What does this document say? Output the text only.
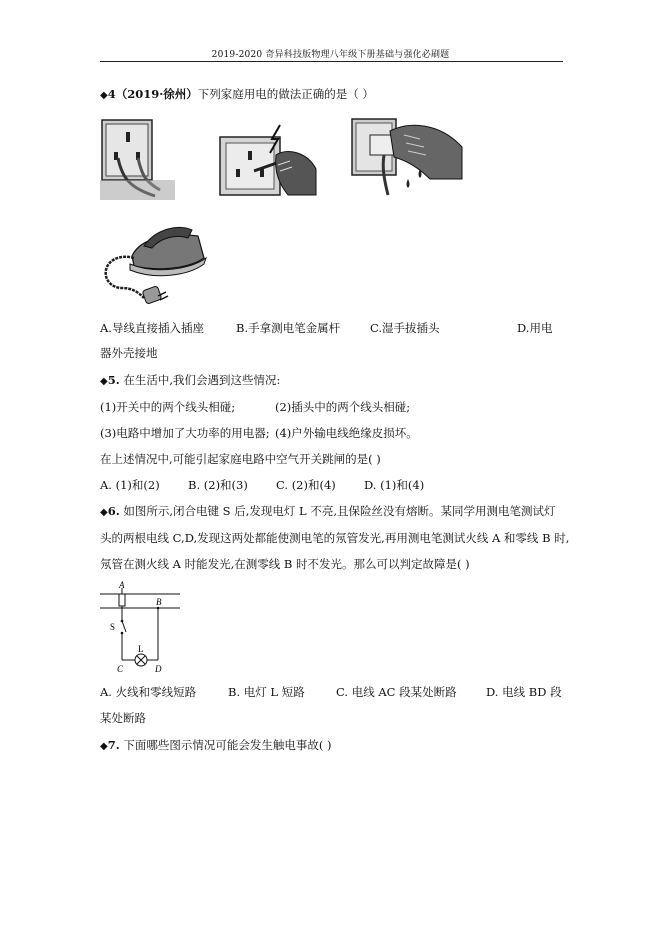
2019-2020 奇异科技版物理八年级下册基础与强化必刷题
◆4（2019·徐州）下列家庭用电的做法正确的是（ ）
A.导线直接插入插座	B.手拿测电笔金属杆	C.湿手拔插头	D.用电
器外壳接地
◆5. 在生活中,我们会遇到这些情况:
(1)开关中的两个线头相碰;	(2)插头中的两个线头相碰;
(3)电路中增加了大功率的用电器; (4)户外输电线绝缘皮损坏。
在上述情况中,可能引起家庭电路中空气开关跳闸的是( )
A. (1)和(2) B. (2)和(3) C. (2)和(4) D. (1)和(4)
◆6. 如图所示,闭合电键 S 后,发现电灯 L 不亮,且保险丝没有熔断。某同学用测电笔测试灯
头的两根电线 C,D,发现这两处都能使测电笔的氖管发光,再用测电笔测试火线 A 和零线 B 时,
氖管在测火线 A 时能发光,在测零线 B 时不发光。那么可以判定故障是( )
A
B
S
L
C	D
A. 火线和零线短路	B. 电灯 L 短路	C. 电线 AC 段某处断路	D. 电线 BD 段
某处断路
◆7. 下面哪些图示情况可能会发生触电事故( )
